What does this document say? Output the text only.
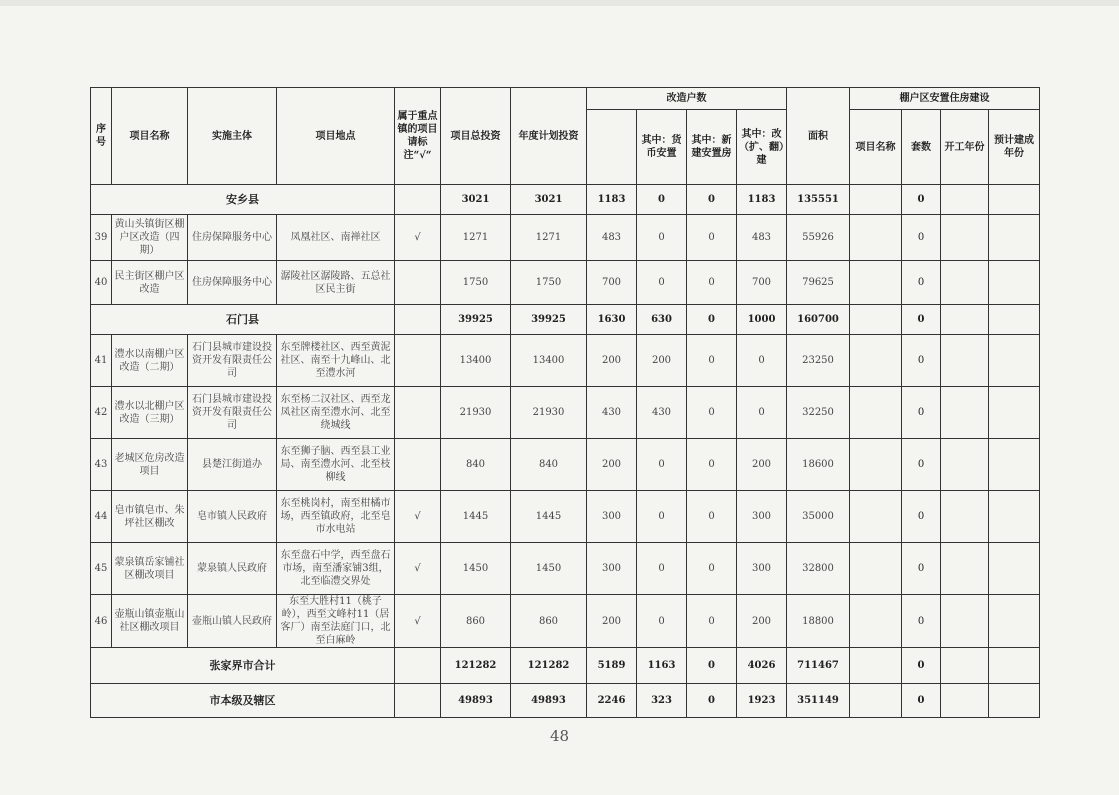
序号	项目名称	实施主体	项目地点	属于重点镇的项目请标注“√“	项目总投资	年度计划投资	改造户数				面积	棚户区安置住房建设			
								其中：货币安置	其中：新建安置房	其中：改（扩、翻）建		项目名称	套数	开工年份	预计建成年份
安乡县					3021	3021	1183	0	0	1183	135551		0		
39	黄山头镇街区棚户区改造（四期）	住房保障服务中心	凤凰社区、南禅社区	√	1271	1271	483	0	0	483	55926		0		
40	民主街区棚户区改造	住房保障服务中心	潺陵社区潺陵路、五总社区民主街		1750	1750	700	0	0	700	79625		0		
石门县					39925	39925	1630	630	0	1000	160700		0		
41	澧水以南棚户区改造（二期）	石门县城市建设投资开发有限责任公司	东至牌楼社区、西至黄泥社区、南至十九峰山、北至澧水河		13400	13400	200	200	0	0	23250		0		
42	澧水以北棚户区改造（三期）	石门县城市建设投资开发有限责任公司	东至杨二汉社区、西至龙凤社区南至澧水河、北至绕城线		21930	21930	430	430	0	0	32250		0		
43	老城区危房改造项目	县楚江街道办	东至狮子脑、西至县工业局、南至澧水河、北至枝柳线		840	840	200	0	0	200	18600		0		
44	皂市镇皂市、朱坪社区棚改	皂市镇人民政府	东至桃岗村，南至柑橘市场，西至镇政府，北至皂市水电站	√	1445	1445	300	0	0	300	35000		0		
45	蒙泉镇岳家铺社区棚改项目	蒙泉镇人民政府	东至盘石中学，西至盘石市场，南至潘家铺3组，北至临澧交界处	√	1450	1450	300	0	0	300	32800		0		
46	壶瓶山镇壶瓶山社区棚改项目	壶瓶山镇人民政府	东至大胜村11（桃子岭），西至文峰村11（居客厂）南至法庭门口，北至白麻岭	√	860	860	200	0	0	200	18800		0		
张家界市合计					121282	121282	5189	1163	0	4026	711467		0		
市本级及辖区					49893	49893	2246	323	0	1923	351149		0		
48
